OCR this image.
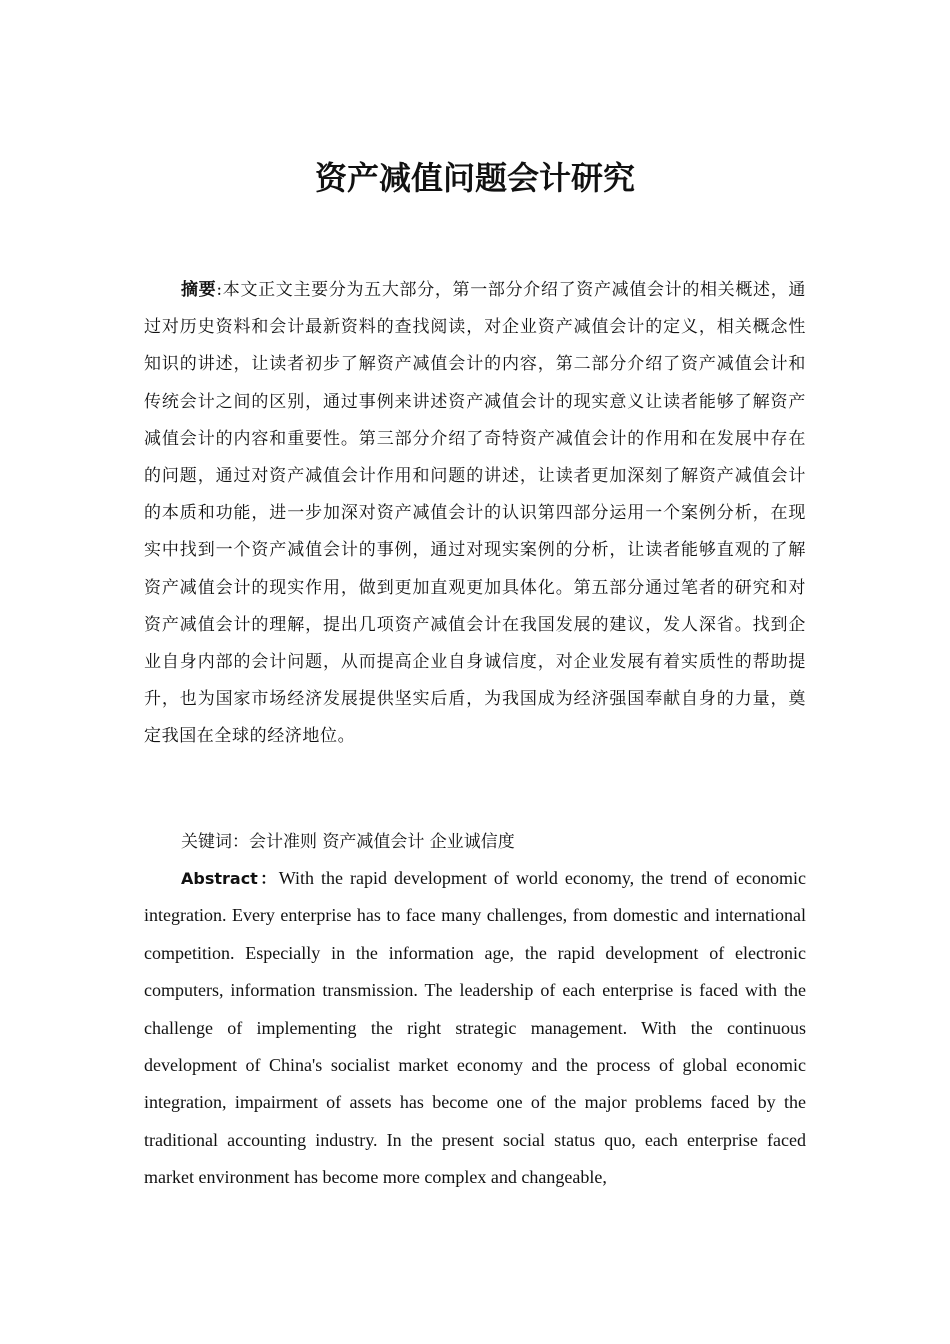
资产减值问题会计研究

摘要:本文正文主要分为五大部分，第一部分介绍了资产减值会计的相关概述，通过对历史资料和会计最新资料的查找阅读，对企业资产减值会计的定义，相关概念性知识的讲述，让读者初步了解资产减值会计的内容，第二部分介绍了资产减值会计和传统会计之间的区别，通过事例来讲述资产减值会计的现实意义让读者能够了解资产减值会计的内容和重要性。第三部分介绍了奇特资产减值会计的作用和在发展中存在的问题，通过对资产减值会计作用和问题的讲述，让读者更加深刻了解资产减值会计的本质和功能，进一步加深对资产减值会计的认识第四部分运用一个案例分析，在现实中找到一个资产减值会计的事例，通过对现实案例的分析，让读者能够直观的了解资产减值会计的现实作用，做到更加直观更加具体化。第五部分通过笔者的研究和对资产减值会计的理解，提出几项资产减值会计在我国发展的建议，发人深省。找到企业自身内部的会计问题，从而提高企业自身诚信度，对企业发展有着实质性的帮助提升，也为国家市场经济发展提供坚实后盾，为我国成为经济强国奉献自身的力量，奠定我国在全球的经济地位。

关键词：会计准则 资产减值会计 企业诚信度

Abstract：With the rapid development of world economy, the trend of economic integration. Every enterprise has to face many challenges, from domestic and international competition. Especially in the information age, the rapid development of electronic computers, information transmission. The leadership of each enterprise is faced with the challenge of implementing the right strategic management. With the continuous development of China's socialist market economy and the process of global economic integration, impairment of assets has become one of the major problems faced by the traditional accounting industry. In the present social status quo, each enterprise faced market environment has become more complex and changeable,
